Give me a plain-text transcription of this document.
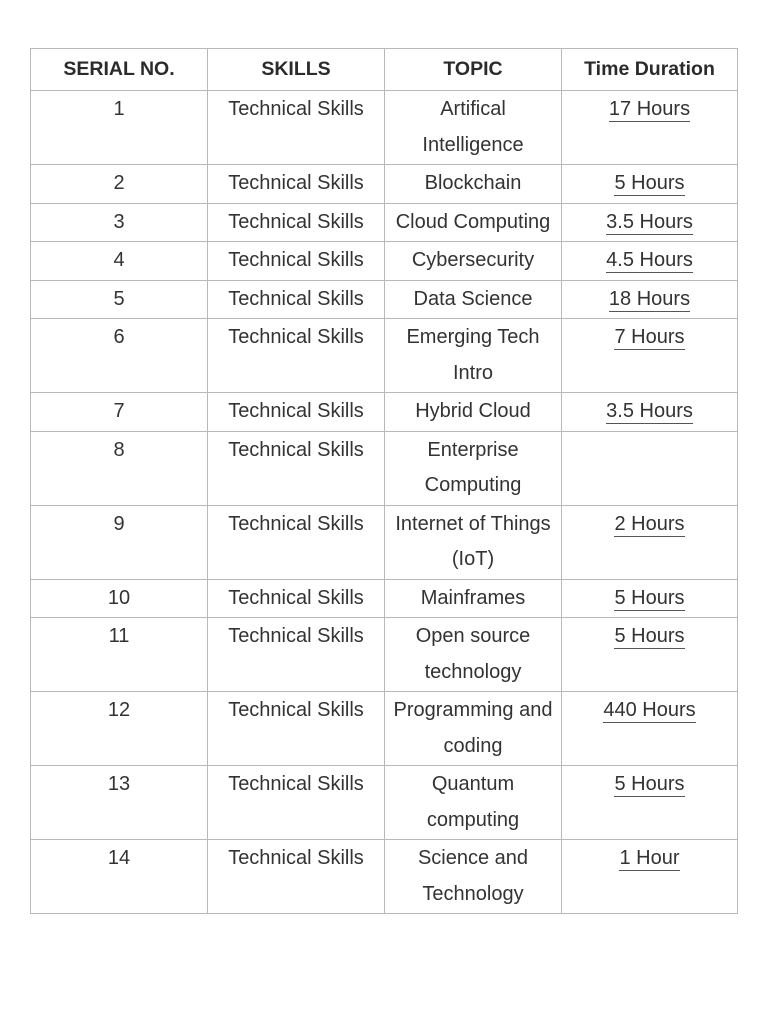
SERIAL NO.	SKILLS	TOPIC	Time Duration
1	Technical Skills	Artifical Intelligence	17 Hours
2	Technical Skills	Blockchain	5 Hours
3	Technical Skills	Cloud Computing	3.5 Hours
4	Technical Skills	Cybersecurity	4.5 Hours
5	Technical Skills	Data Science	18 Hours
6	Technical Skills	Emerging Tech Intro	7 Hours
7	Technical Skills	Hybrid Cloud	3.5 Hours
8	Technical Skills	Enterprise Computing	
9	Technical Skills	Internet of Things (IoT)	2 Hours
10	Technical Skills	Mainframes	5 Hours
11	Technical Skills	Open source technology	5 Hours
12	Technical Skills	Programming and coding	440 Hours
13	Technical Skills	Quantum computing	5 Hours
14	Technical Skills	Science and Technology	1 Hour
